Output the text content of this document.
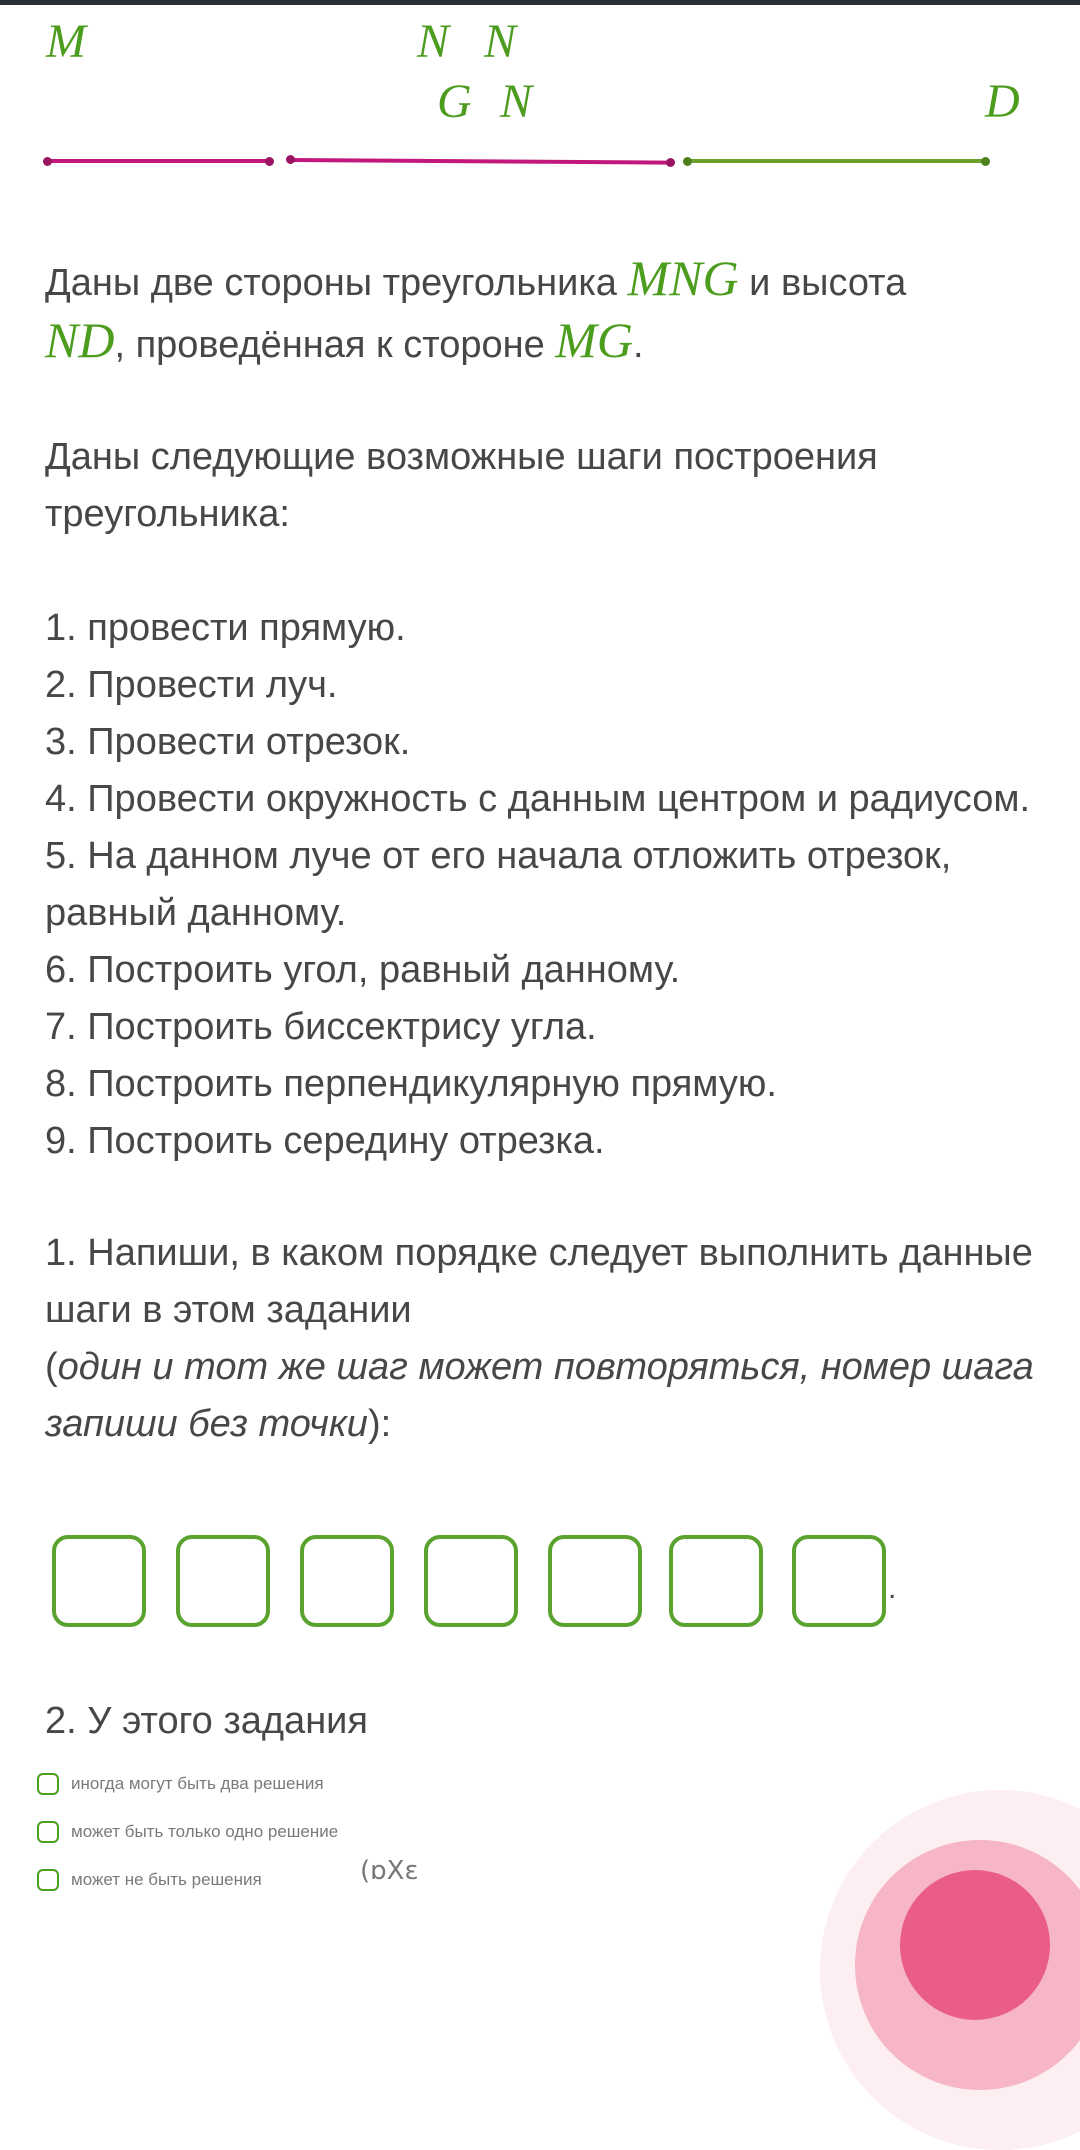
M	N N
G N	D
Даны две стороны треугольника MNG и высота
ND, проведённая к стороне MG.
Даны следующие возможные шаги построения треугольника:
1. провести прямую.
2. Провести луч.
3. Провести отрезок.
4. Провести окружность с данным центром и радиусом.
5. На данном луче от его начала отложить отрезок, равный данному.
6. Построить угол, равный данному.
7. Построить биссектрису угла.
8. Построить перпендикулярную прямую.
9. Построить середину отрезка.
1. Напиши, в каком порядке следует выполнить данные шаги в этом задании
(один и тот же шаг может повторяться, номер шага запиши без точки):
.
2. У этого задания
иногда могут быть два решения
может быть только одно решение
может не быть решения	(ɒXɛ
